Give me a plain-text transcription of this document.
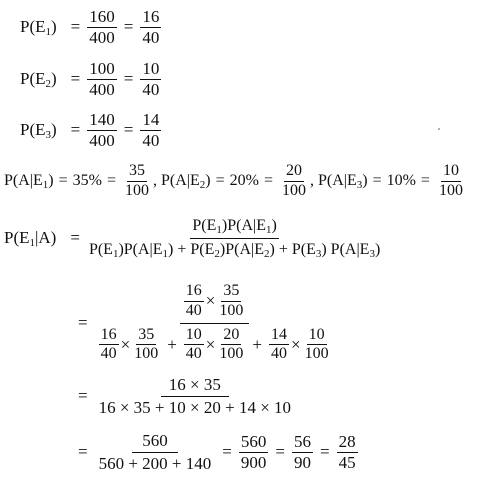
$P(E_1) = \frac{160}{400} = \frac{16}{40}$
$P(E_2) = \frac{100}{400} = \frac{10}{40}$
$P(E_3) = \frac{140}{400} = \frac{14}{40}$
$P(A|E_1) = 35\% = \frac{35}{100}$ , $P(A|E_2) = 20\% = \frac{20}{100}$ , $P(A|E_3) = 10\% = \frac{10}{100}$
$P(E_1|A) = \frac{P(E_1)P(A|E_1)}{P(E_1)P(A|E_1) + P(E_2)P(A|E_2) + P(E_3) P(A|E_3)}$
=
$\frac{16}{40} \times \frac{35}{100}$
$\frac{16}{40} \times \frac{35}{100} + \frac{10}{40} \times \frac{20}{100} + \frac{14}{40} \times \frac{10}{100}$
= $\frac{16 \times 35}{16 \times 35 + 10 \times 20 + 14 \times 10}$
= $\frac{560}{560 + 200 + 140} = \frac{560}{900} = \frac{56}{90} = \frac{28}{45}$
